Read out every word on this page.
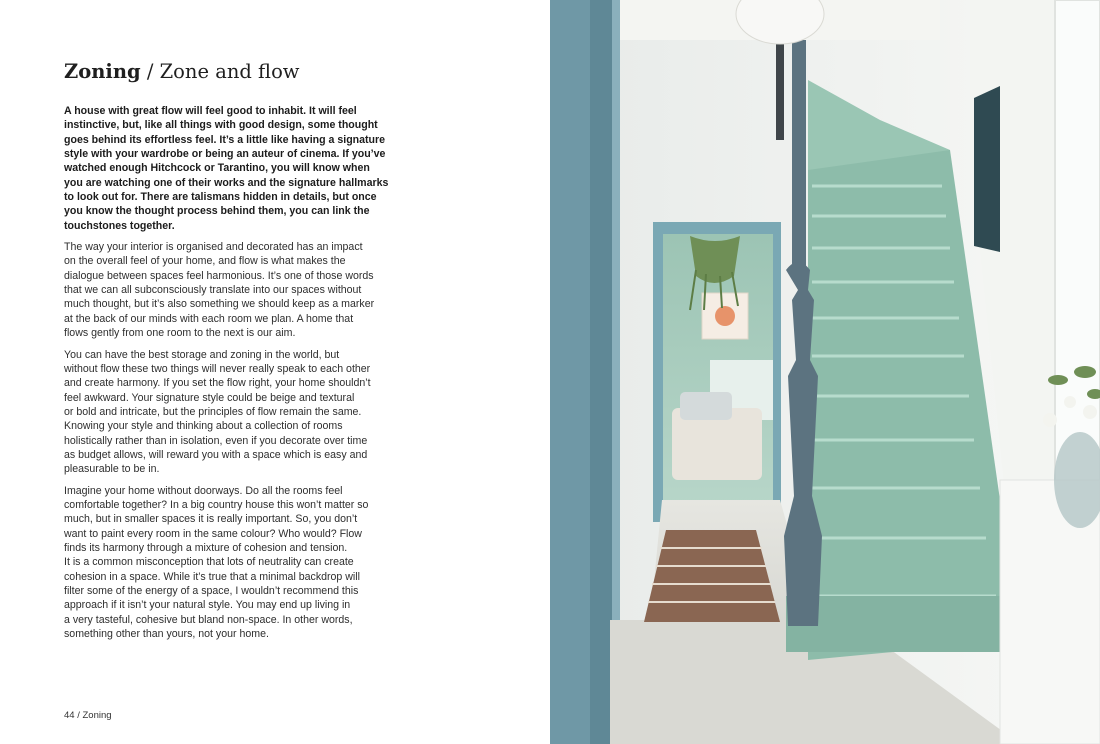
Zoning / Zone and flow

A house with great flow will feel good to inhabit. It will feel
instinctive, but, like all things with good design, some thought
goes behind its effortless feel. It’s a little like having a signature
style with your wardrobe or being an auteur of cinema. If you’ve
watched enough Hitchcock or Tarantino, you will know when
you are watching one of their works and the signature hallmarks
to look out for. There are talismans hidden in details, but once
you know the thought process behind them, you can link the
touchstones together.

The way your interior is organised and decorated has an impact
on the overall feel of your home, and flow is what makes the
dialogue between spaces feel harmonious. It’s one of those words
that we can all subconsciously translate into our spaces without
much thought, but it’s also something we should keep as a marker
at the back of our minds with each room we plan. A home that
flows gently from one room to the next is our aim.

You can have the best storage and zoning in the world, but
without flow these two things will never really speak to each other
and create harmony. If you set the flow right, your home shouldn’t
feel awkward. Your signature style could be beige and textural
or bold and intricate, but the principles of flow remain the same.
Knowing your style and thinking about a collection of rooms
holistically rather than in isolation, even if you decorate over time
as budget allows, will reward you with a space which is easy and
pleasurable to be in.

Imagine your home without doorways. Do all the rooms feel
comfortable together? In a big country house this won’t matter so
much, but in smaller spaces it is really important. So, you don’t
want to paint every room in the same colour? Who would? Flow
finds its harmony through a mixture of cohesion and tension.
It is a common misconception that lots of neutrality can create
cohesion in a space. While it’s true that a minimal backdrop will
filter some of the energy of a space, I wouldn’t recommend this
approach if it isn’t your natural style. You may end up living in
a very tasteful, cohesive but bland non-space. In other words,
something other than yours, not your home.

44 / Zoning
